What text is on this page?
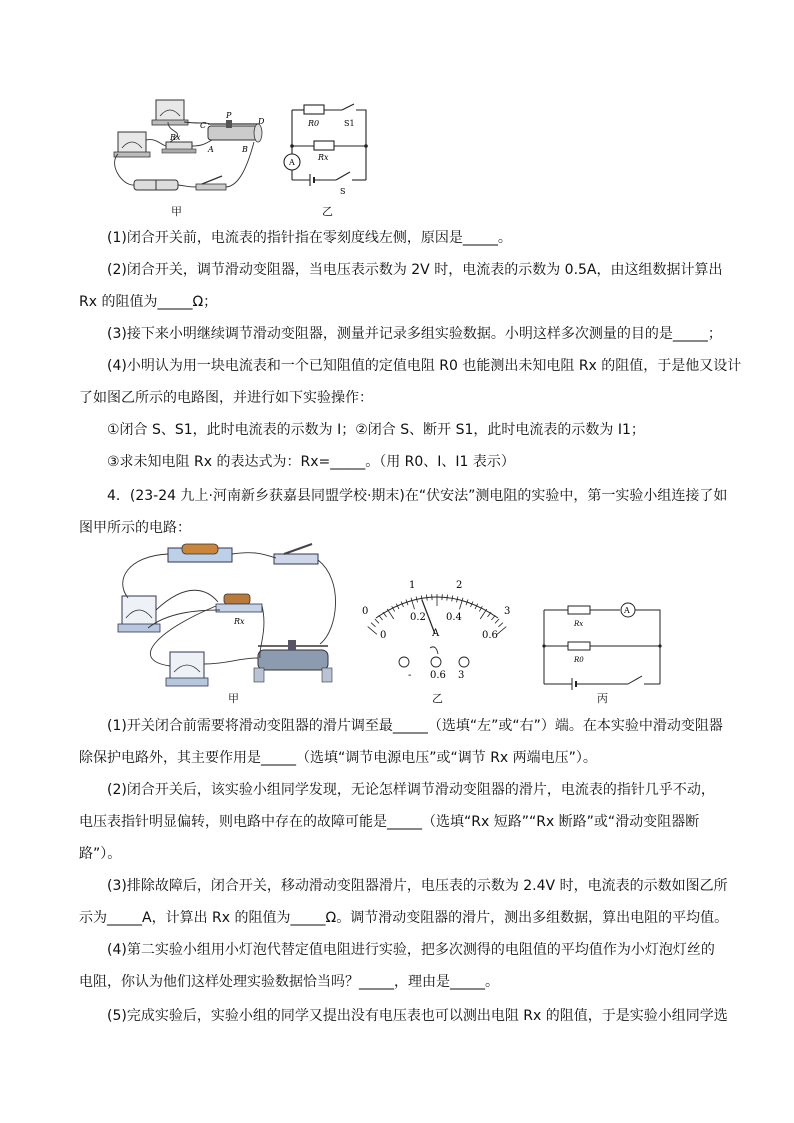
C
P
D
A	B
Rx
甲
A
R0	S1
Rx
S
乙
(1)闭合开关前，电流表的指针指在零刻度线左侧，原因是_____。
(2)闭合开关，调节滑动变阻器，当电压表示数为 2V 时，电流表的示数为 0.5A，由这组数据计算出
Rx 的阻值为_____Ω；
(3)接下来小明继续调节滑动变阻器，测量并记录多组实验数据。小明这样多次测量的目的是_____；
(4)小明认为用一块电流表和一个已知阻值的定值电阻 R0 也能测出未知电阻 Rx 的阻值，于是他又设计
了如图乙所示的电路图，并进行如下实验操作：
①闭合 S、S1，此时电流表的示数为 I；②闭合 S、断开 S1，此时电流表的示数为 I1；
③求未知电阻 Rx 的表达式为：Rx=_____。（用 R0、I、I1 表示）
4．(23-24 九上·河南新乡获嘉县同盟学校·期末)在“伏安法”测电阻的实验中，第一实验小组连接了如
图甲所示的电路：
Rx
甲
0
1	2
3
0
0.2 0.4
0.6
A
- 0.6 3
乙
A
Rx
R0
丙
(1)开关闭合前需要将滑动变阻器的滑片调至最_____（选填“左”或“右”）端。在本实验中滑动变阻器
除保护电路外，其主要作用是_____（选填“调节电源电压”或“调节 Rx 两端电压”）。
(2)闭合开关后，该实验小组同学发现，无论怎样调节滑动变阻器的滑片，电流表的指针几乎不动，
电压表指针明显偏转，则电路中存在的故障可能是_____（选填“Rx 短路”“Rx 断路”或“滑动变阻器断
路”）。
(3)排除故障后，闭合开关，移动滑动变阻器滑片，电压表的示数为 2.4V 时，电流表的示数如图乙所
示为_____A，计算出 Rx 的阻值为_____Ω。调节滑动变阻器的滑片，测出多组数据，算出电阻的平均值。
(4)第二实验小组用小灯泡代替定值电阻进行实验，把多次测得的电阻值的平均值作为小灯泡灯丝的
电阻，你认为他们这样处理实验数据恰当吗？_____，理由是_____。
(5)完成实验后，实验小组的同学又提出没有电压表也可以测出电阻 Rx 的阻值，于是实验小组同学选
